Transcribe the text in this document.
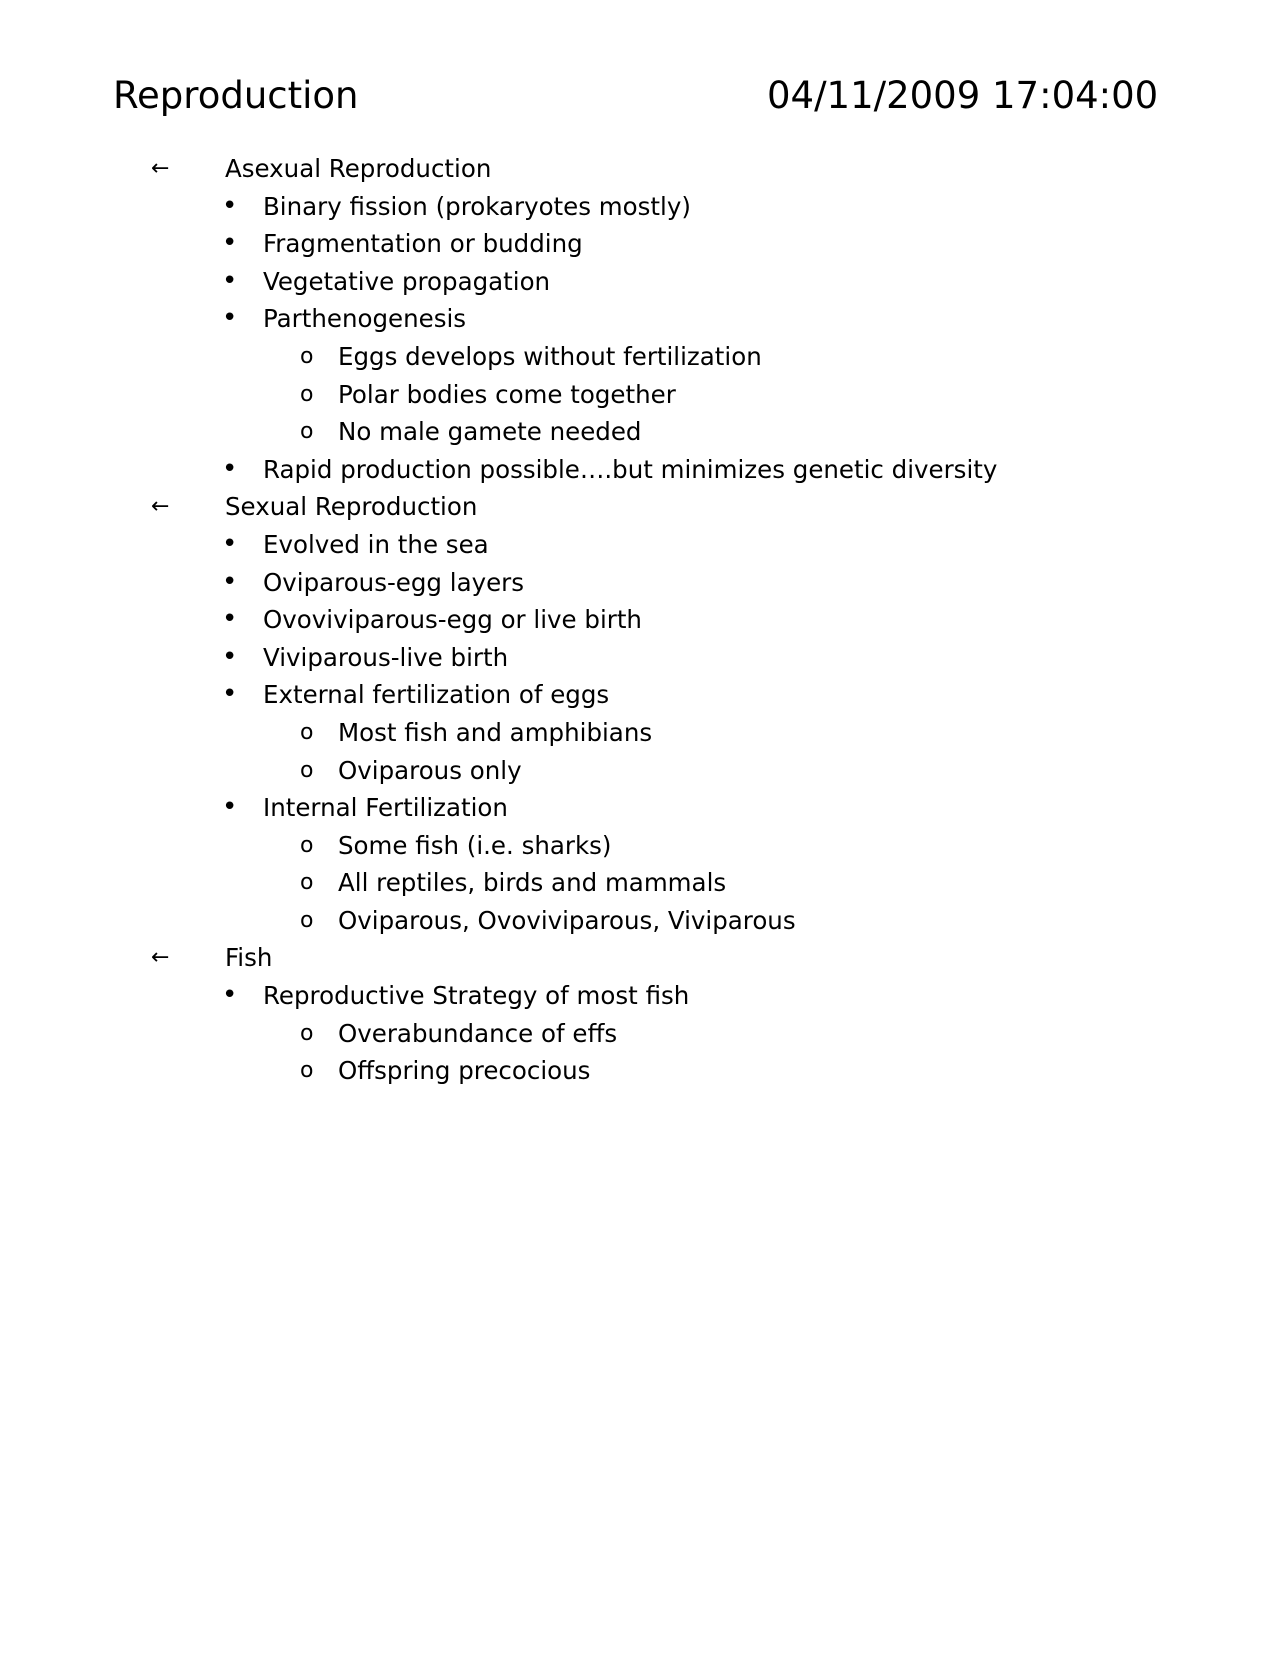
Reproduction	04/11/2009 17:04:00
← Asexual Reproduction
• Binary fission (prokaryotes mostly)
• Fragmentation or budding
• Vegetative propagation
• Parthenogenesis
o Eggs develops without fertilization
o Polar bodies come together
o No male gamete needed
• Rapid production possible….but minimizes genetic diversity
← Sexual Reproduction
• Evolved in the sea
• Oviparous-egg layers
• Ovoviviparous-egg or live birth
• Viviparous-live birth
• External fertilization of eggs
o Most fish and amphibians
o Oviparous only
• Internal Fertilization
o Some fish (i.e. sharks)
o All reptiles, birds and mammals
o Oviparous, Ovoviviparous, Viviparous
← Fish
• Reproductive Strategy of most fish
o Overabundance of effs
o Offspring precocious
